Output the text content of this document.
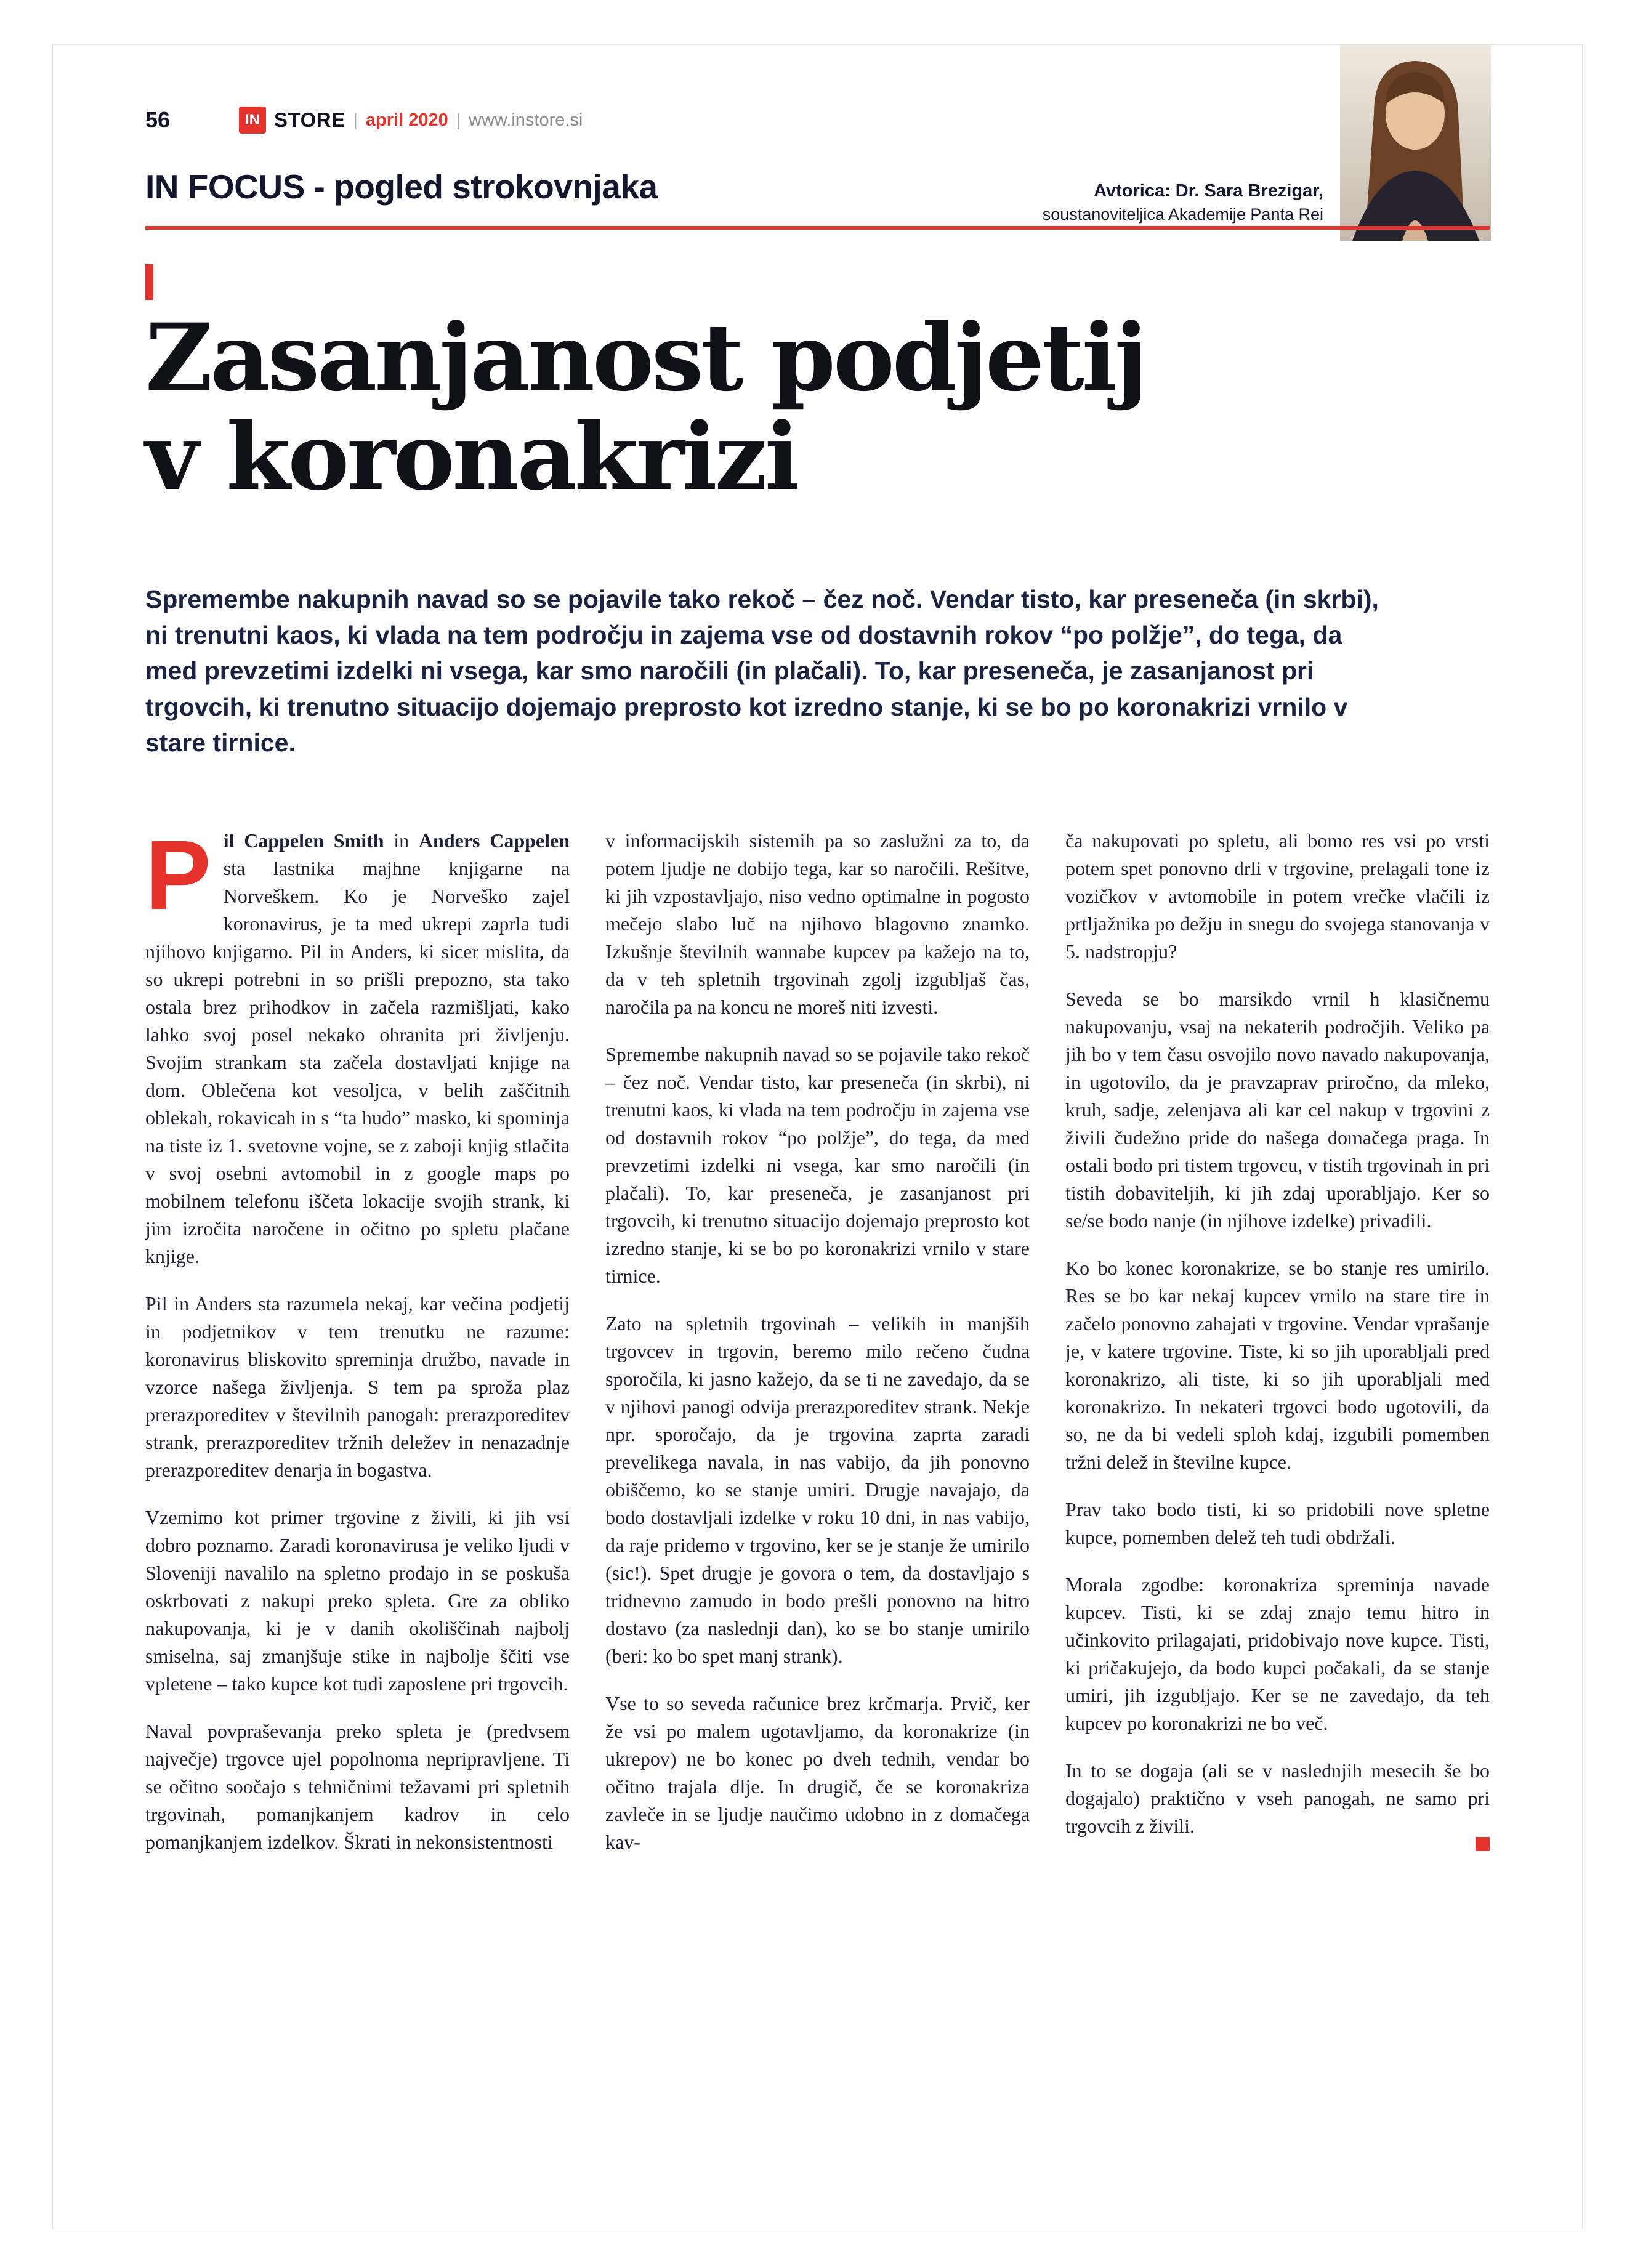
Avtorica: Dr. Sara Brezigar,
soustanoviteljica Akademije Panta Rei
56	IN STORE | april 2020 | www.instore.si
IN FOCUS - pogled strokovnjaka
Zasanjanost podjetij
v koronakrizi
Spremembe nakupnih navad so se pojavile tako rekoč – čez noč. Vendar tisto, kar preseneča (in skrbi), ni trenutni kaos, ki vlada na tem področju in zajema vse od dostavnih rokov “po polžje”, do tega, da med prevzetimi izdelki ni vsega, kar smo naročili (in plačali). To, kar preseneča, je zasanjanost pri trgovcih, ki trenutno situacijo dojemajo preprosto kot izredno stanje, ki se bo po koronakrizi vrnilo v stare tirnice.

Pil Cappelen Smith in Anders Cappelen sta lastnika majhne knjigarne na Norveškem. Ko je Norveško zajel koronavirus, je ta med ukrepi zaprla tudi njihovo knjigarno. Pil in Anders, ki sicer mislita, da so ukrepi potrebni in so prišli prepozno, sta tako ostala brez prihodkov in začela razmišljati, kako lahko svoj posel nekako ohranita pri življenju. Svojim strankam sta začela dostavljati knjige na dom. Oblečena kot vesoljca, v belih zaščitnih oblekah, rokavicah in s “ta hudo” masko, ki spominja na tiste iz 1. svetovne vojne, se z zaboji knjig stlačita v svoj osebni avtomobil in z google maps po mobilnem telefonu iščeta lokacije svojih strank, ki jim izročita naročene in očitno po spletu plačane knjige.

Pil in Anders sta razumela nekaj, kar večina podjetij in podjetnikov v tem trenutku ne razume: koronavirus bliskovito spreminja družbo, navade in vzorce našega življenja. S tem pa sproža plaz prerazporeditev v številnih panogah: prerazporeditev strank, prerazporeditev tržnih deležev in nenazadnje prerazporeditev denarja in bogastva.

Vzemimo kot primer trgovine z živili, ki jih vsi dobro poznamo. Zaradi koronavirusa je veliko ljudi v Sloveniji navalilo na spletno prodajo in se poskuša oskrbovati z nakupi preko spleta. Gre za obliko nakupovanja, ki je v danih okoliščinah najbolj smiselna, saj zmanjšuje stike in najbolje ščiti vse vpletene – tako kupce kot tudi zaposlene pri trgovcih.

Naval povpraševanja preko spleta je (predvsem največje) trgovce ujel popolnoma nepripravljene. Ti se očitno soočajo s tehničnimi težavami pri spletnih trgovinah, pomanjkanjem kadrov in celo pomanjkanjem izdelkov. Škrati in nekonsistentnosti

v informacijskih sistemih pa so zaslužni za to, da potem ljudje ne dobijo tega, kar so naročili. Rešitve, ki jih vzpostavljajo, niso vedno optimalne in pogosto mečejo slabo luč na njihovo blagovno znamko. Izkušnje številnih wannabe kupcev pa kažejo na to, da v teh spletnih trgovinah zgolj izgubljaš čas, naročila pa na koncu ne moreš niti izvesti.

Spremembe nakupnih navad so se pojavile tako rekoč – čez noč. Vendar tisto, kar preseneča (in skrbi), ni trenutni kaos, ki vlada na tem področju in zajema vse od dostavnih rokov “po polžje”, do tega, da med prevzetimi izdelki ni vsega, kar smo naročili (in plačali). To, kar preseneča, je zasanjanost pri trgovcih, ki trenutno situacijo dojemajo preprosto kot izredno stanje, ki se bo po koronakrizi vrnilo v stare tirnice.

Zato na spletnih trgovinah – velikih in manjših trgovcev in trgovin, beremo milo rečeno čudna sporočila, ki jasno kažejo, da se ti ne zavedajo, da se v njihovi panogi odvija prerazporeditev strank. Nekje npr. sporočajo, da je trgovina zaprta zaradi prevelikega navala, in nas vabijo, da jih ponovno obiščemo, ko se stanje umiri. Drugje navajajo, da bodo dostavljali izdelke v roku 10 dni, in nas vabijo, da raje pridemo v trgovino, ker se je stanje že umirilo (sic!). Spet drugje je govora o tem, da dostavljajo s tridnevno zamudo in bodo prešli ponovno na hitro dostavo (za naslednji dan), ko se bo stanje umirilo (beri: ko bo spet manj strank).

Vse to so seveda računice brez krčmarja. Prvič, ker že vsi po malem ugotavljamo, da koronakrize (in ukrepov) ne bo konec po dveh tednih, vendar bo očitno trajala dlje. In drugič, če se koronakriza zavleče in se ljudje naučimo udobno in z domačega kav-

ča nakupovati po spletu, ali bomo res vsi po vrsti potem spet ponovno drli v trgovine, prelagali tone iz vozičkov v avtomobile in potem vrečke vlačili iz prtljažnika po dežju in snegu do svojega stanovanja v 5. nadstropju?

Seveda se bo marsikdo vrnil h klasičnemu nakupovanju, vsaj na nekaterih področjih. Veliko pa jih bo v tem času osvojilo novo navado nakupovanja, in ugotovilo, da je pravzaprav priročno, da mleko, kruh, sadje, zelenjava ali kar cel nakup v trgovini z živili čudežno pride do našega domačega praga. In ostali bodo pri tistem trgovcu, v tistih trgovinah in pri tistih dobaviteljih, ki jih zdaj uporabljajo. Ker so se/se bodo nanje (in njihove izdelke) privadili.

Ko bo konec koronakrize, se bo stanje res umirilo. Res se bo kar nekaj kupcev vrnilo na stare tire in začelo ponovno zahajati v trgovine. Vendar vprašanje je, v katere trgovine. Tiste, ki so jih uporabljali pred koronakrizo, ali tiste, ki so jih uporabljali med koronakrizo. In nekateri trgovci bodo ugotovili, da so, ne da bi vedeli sploh kdaj, izgubili pomemben tržni delež in številne kupce.

Prav tako bodo tisti, ki so pridobili nove spletne kupce, pomemben delež teh tudi obdržali.

Morala zgodbe: koronakriza spreminja navade kupcev. Tisti, ki se zdaj znajo temu hitro in učinkovito prilagajati, pridobivajo nove kupce. Tisti, ki pričakujejo, da bodo kupci počakali, da se stanje umiri, jih izgubljajo. Ker se ne zavedajo, da teh kupcev po koronakrizi ne bo več.

In to se dogaja (ali se v naslednjih mesecih še bo dogajalo) praktično v vseh panogah, ne samo pri trgovcih z živili.
